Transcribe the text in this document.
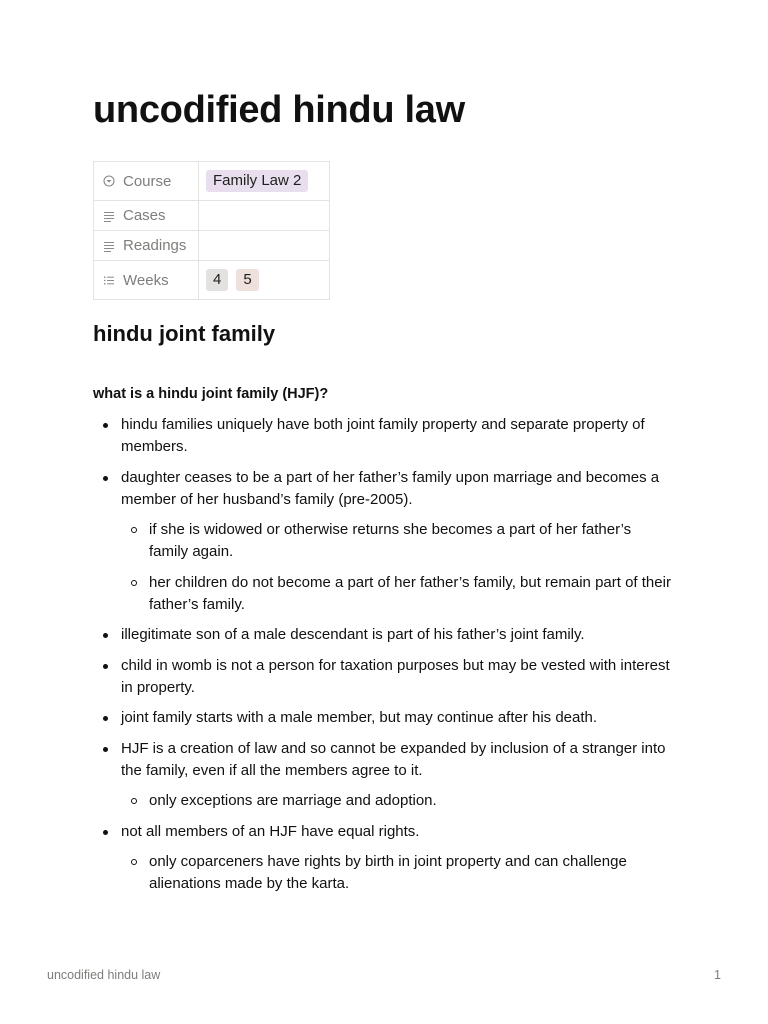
uncodified hindu law
Course	Family Law 2

Cases	

Readings	

Weeks	4 5
hindu joint family

what is a hindu joint family (HJF)?

hindu families uniquely have both joint family property and separate property of members.
daughter ceases to be a part of her father’s family upon marriage and becomes a member of her husband’s family (pre-2005).
if she is widowed or otherwise returns she becomes a part of her father’s family again.
her children do not become a part of her father’s family, but remain part of their father’s family.
illegitimate son of a male descendant is part of his father’s joint family.
child in womb is not a person for taxation purposes but may be vested with interest in property.
joint family starts with a male member, but may continue after his death.
HJF is a creation of law and so cannot be expanded by inclusion of a stranger into the family, even if all the members agree to it.
only exceptions are marriage and adoption.
not all members of an HJF have equal rights.
only coparceners have rights by birth in joint property and can challenge alienations made by the karta.
uncodified hindu law	1
